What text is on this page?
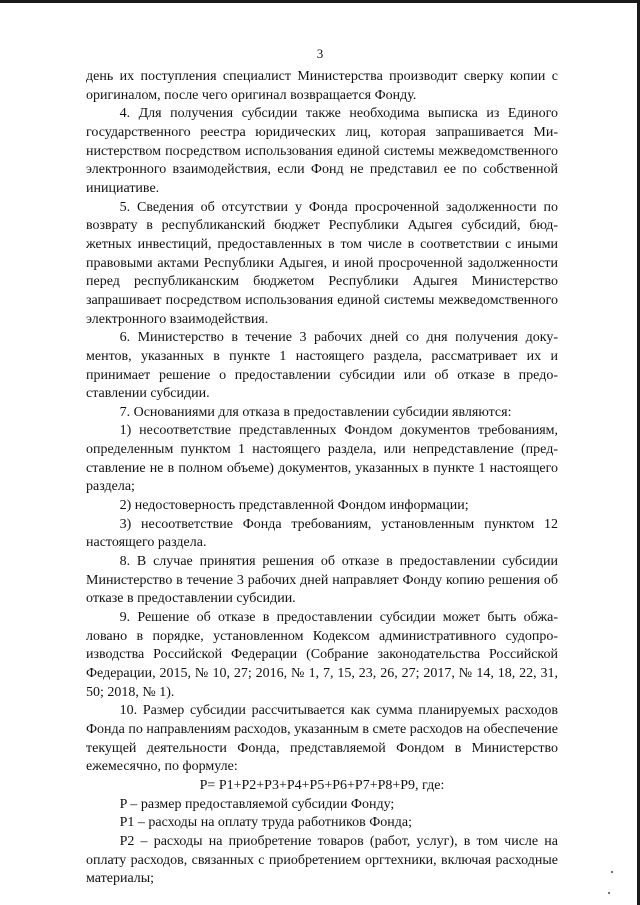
3

день их поступления специалист Министерства производит сверку копии с оригиналом, после чего оригинал возвращается Фонду.

4. Для получения субсидии также необходима выписка из Единого государственного реестра юридических лиц, которая запрашивается Министерством посредством использования единой системы межведомственного электронного взаимодействия, если Фонд не представил ее по собственной инициативе.

5. Сведения об отсутствии у Фонда просроченной задолженности по возврату в республиканский бюджет Республики Адыгея субсидий, бюджетных инвестиций, предоставленных в том числе в соответствии с иными правовыми актами Республики Адыгея, и иной просроченной задолженности перед республиканским бюджетом Республики Адыгея Министерство запрашивает посредством использования единой системы межведомственного электронного взаимодействия.

6. Министерство в течение 3 рабочих дней со дня получения документов, указанных в пункте 1 настоящего раздела, рассматривает их и принимает решение о предоставлении субсидии или об отказе в предоставлении субсидии.

7. Основаниями для отказа в предоставлении субсидии являются:

1) несоответствие представленных Фондом документов требованиям, определенным пунктом 1 настоящего раздела, или непредставление (представление не в полном объеме) документов, указанных в пункте 1 настоящего раздела;

2) недостоверность представленной Фондом информации;

3) несоответствие Фонда требованиям, установленным пунктом 12 настоящего раздела.

8. В случае принятия решения об отказе в предоставлении субсидии Министерство в течение 3 рабочих дней направляет Фонду копию решения об отказе в предоставлении субсидии.

9. Решение об отказе в предоставлении субсидии может быть обжаловано в порядке, установленном Кодексом административного судопроизводства Российской Федерации (Собрание законодательства Российской Федерации, 2015, № 10, 27; 2016, № 1, 7, 15, 23, 26, 27; 2017, № 14, 18, 22, 31, 50; 2018, № 1).

10. Размер субсидии рассчитывается как сумма планируемых расходов Фонда по направлениям расходов, указанным в смете расходов на обеспечение текущей деятельности Фонда, представляемой Фондом в Министерство ежемесячно, по формуле:

P= P1+P2+P3+P4+P5+P6+P7+P8+P9, где:

P – размер предоставляемой субсидии Фонду;

P1 – расходы на оплату труда работников Фонда;

P2 – расходы на приобретение товаров (работ, услуг), в том числе на оплату расходов, связанных с приобретением оргтехники, включая расходные материалы;
